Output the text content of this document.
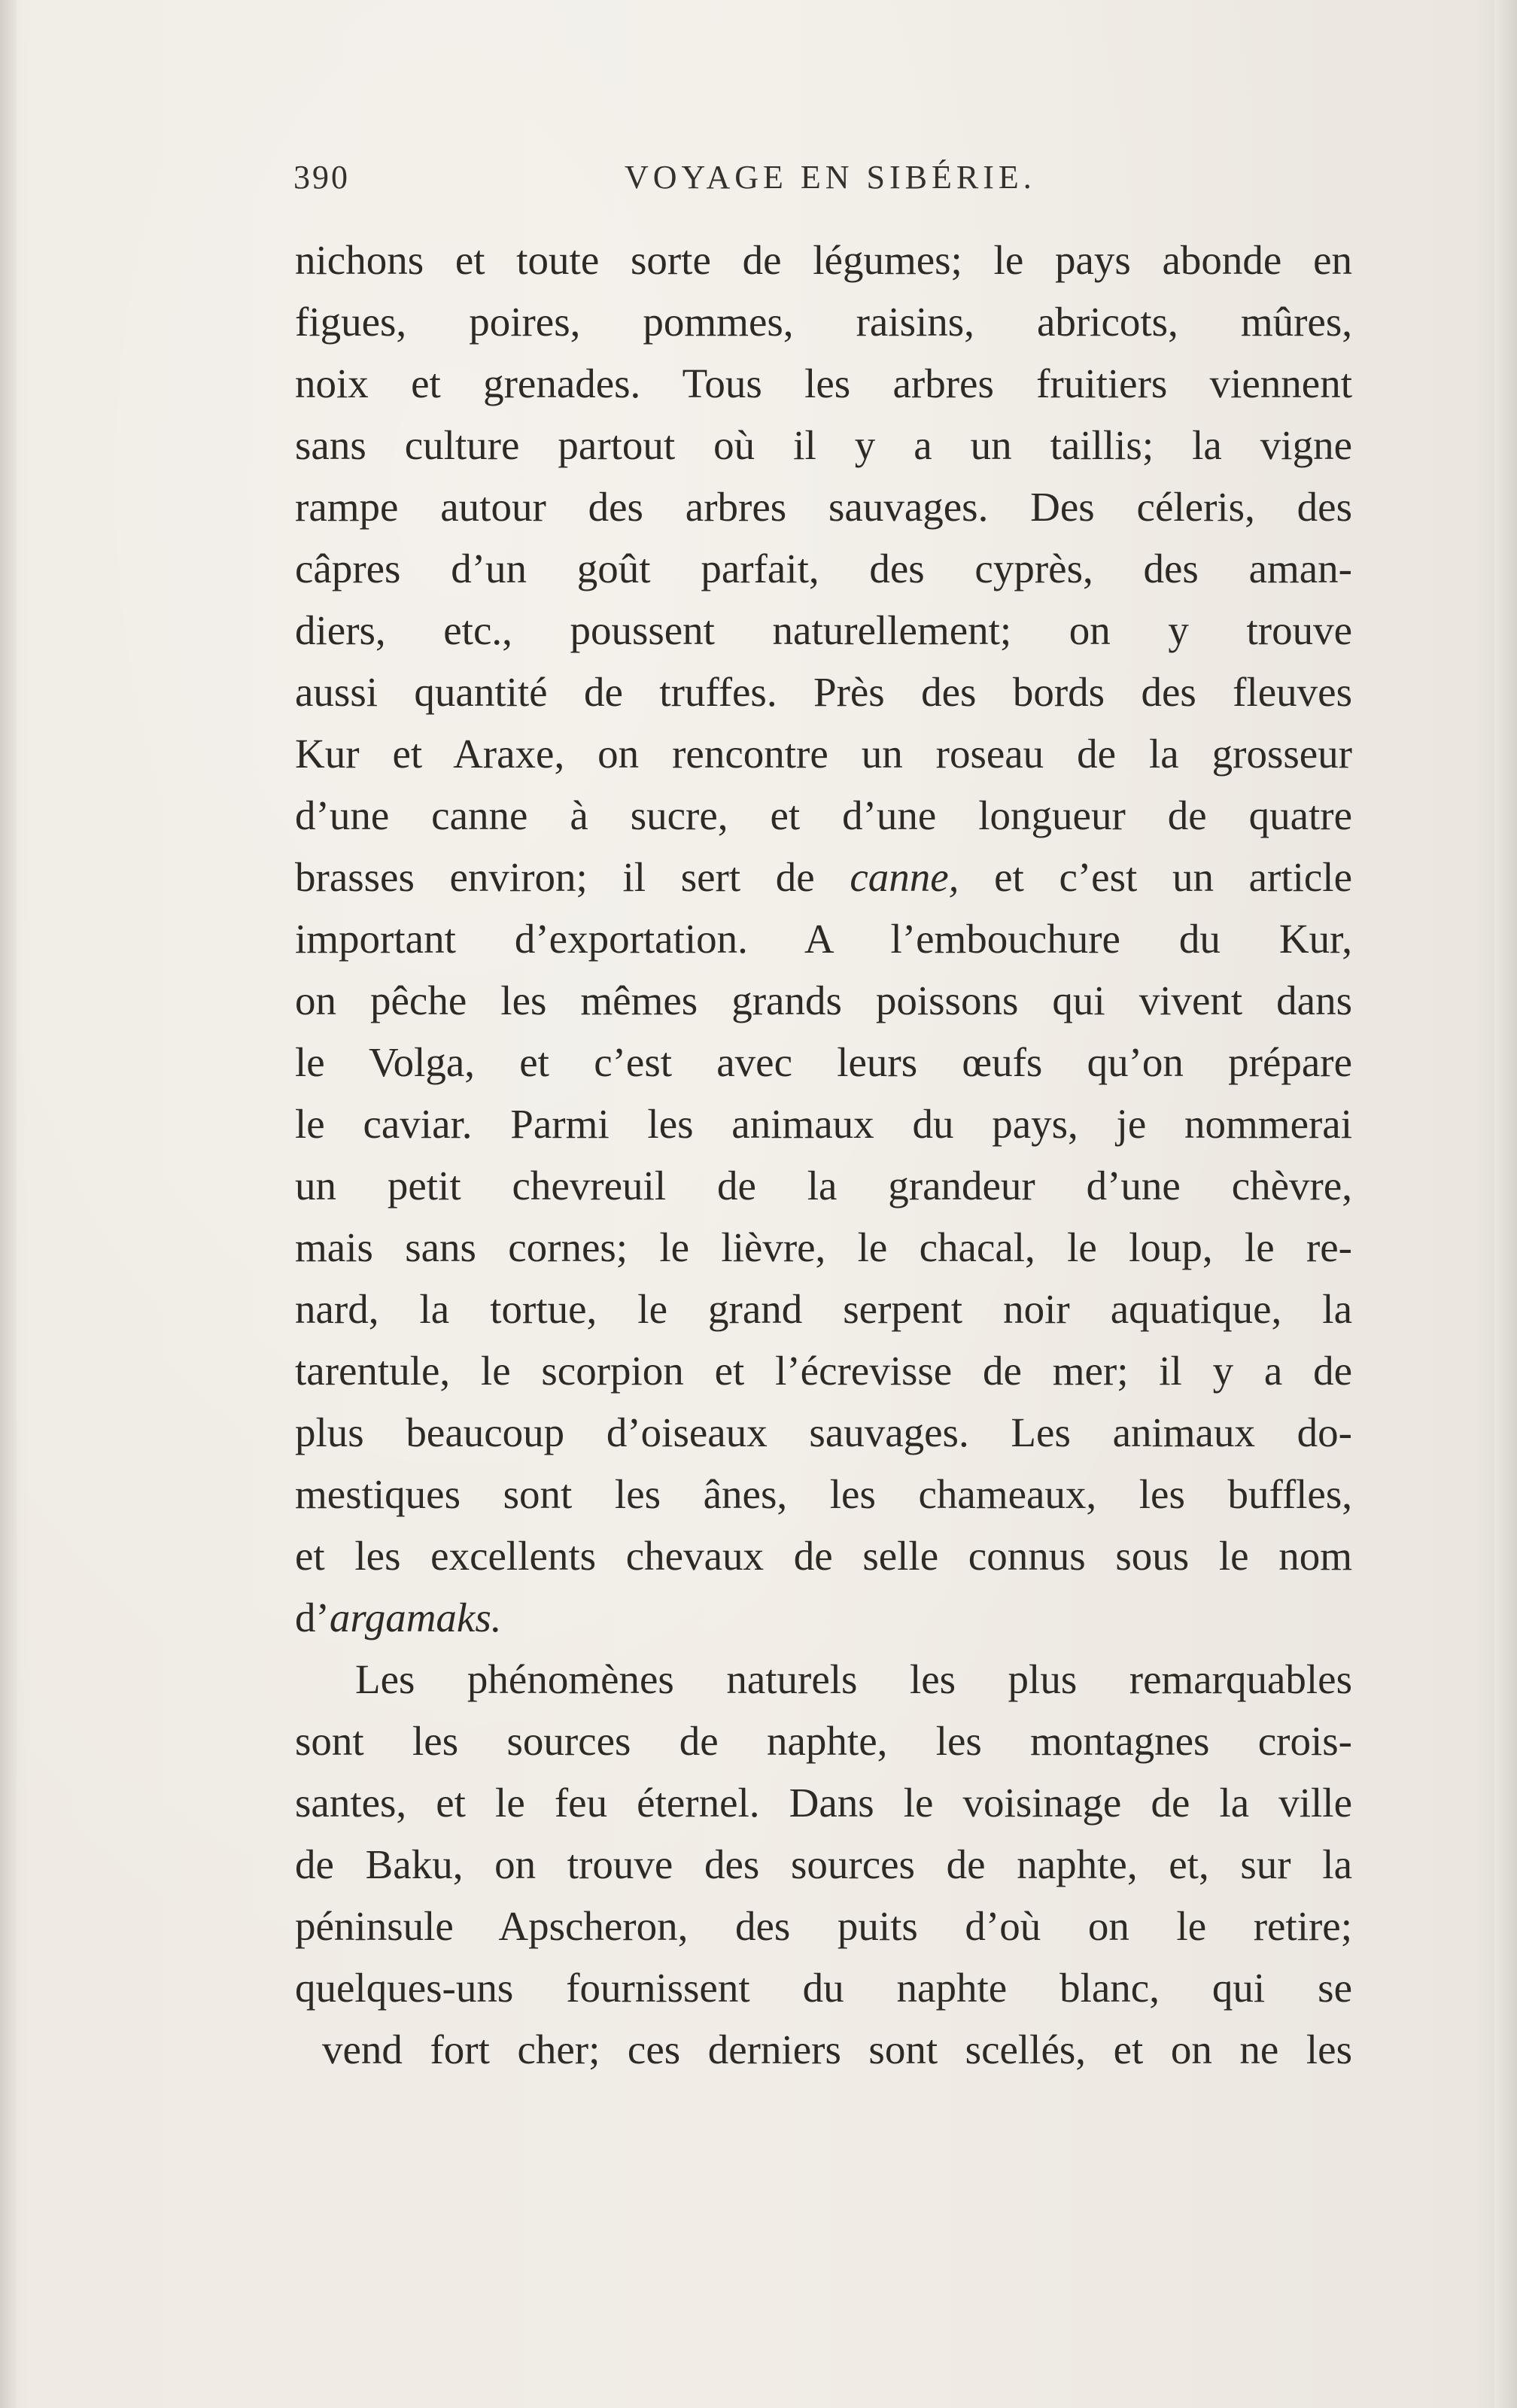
390	VOYAGE EN SIBÉRIE.
nichons et toute sorte de légumes; le pays abonde en
figues, poires, pommes, raisins, abricots, mûres,
noix et grenades. Tous les arbres fruitiers viennent
sans culture partout où il y a un taillis; la vigne
rampe autour des arbres sauvages. Des céleris, des
câpres d’un goût parfait, des cyprès, des aman-
diers, etc., poussent naturellement; on y trouve
aussi quantité de truffes. Près des bords des fleuves
Kur et Araxe, on rencontre un roseau de la grosseur
d’une canne à sucre, et d’une longueur de quatre
brasses environ; il sert de canne, et c’est un article
important d’exportation. A l’embouchure du Kur,
on pêche les mêmes grands poissons qui vivent dans
le Volga, et c’est avec leurs œufs qu’on prépare
le caviar. Parmi les animaux du pays, je nommerai
un petit chevreuil de la grandeur d’une chèvre,
mais sans cornes; le lièvre, le chacal, le loup, le re-
nard, la tortue, le grand serpent noir aquatique, la
tarentule, le scorpion et l’écrevisse de mer; il y a de
plus beaucoup d’oiseaux sauvages. Les animaux do-
mestiques sont les ânes, les chameaux, les buffles,
et les excellents chevaux de selle connus sous le nom
d’argamaks.
Les phénomènes naturels les plus remarquables
sont les sources de naphte, les montagnes crois-
santes, et le feu éternel. Dans le voisinage de la ville
de Baku, on trouve des sources de naphte, et, sur la
péninsule Apscheron, des puits d’où on le retire;
quelques-uns fournissent du naphte blanc, qui se
vend fort cher; ces derniers sont scellés, et on ne les
